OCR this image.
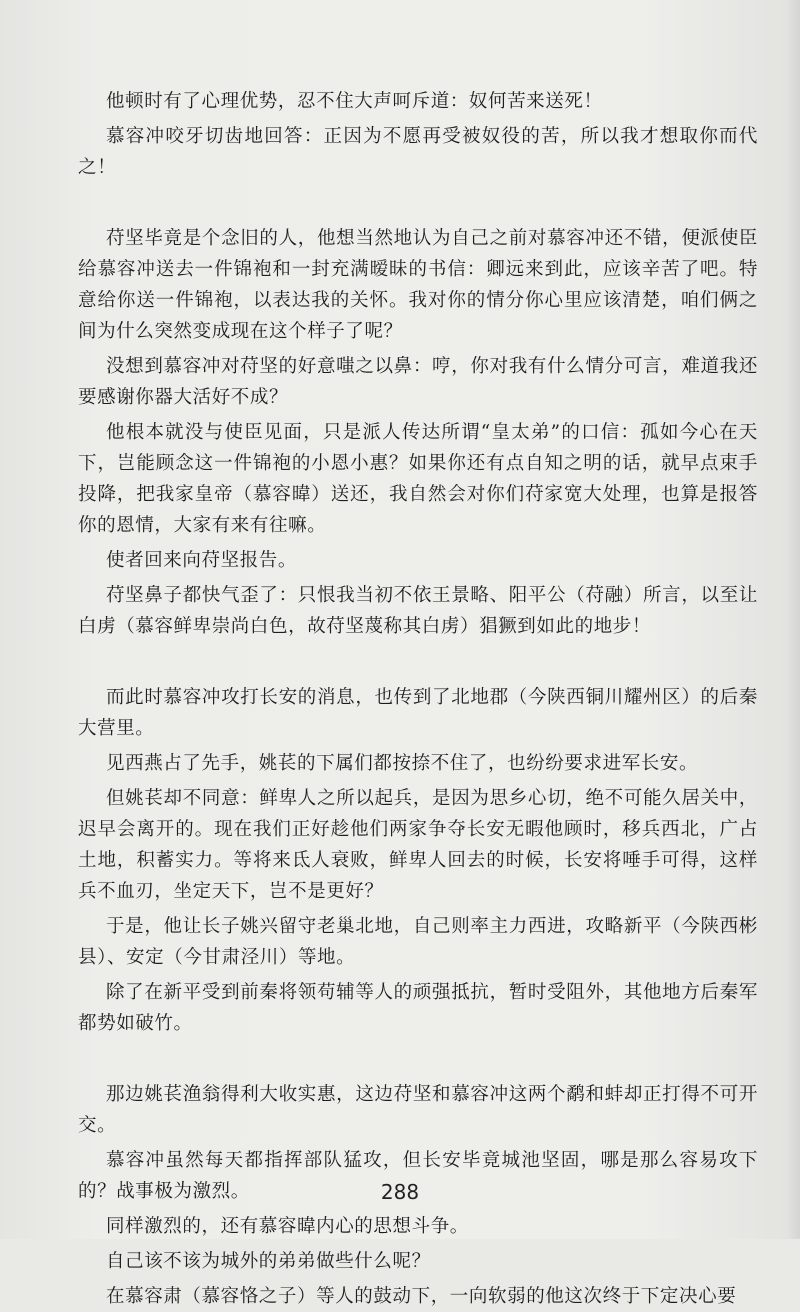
他顿时有了心理优势，忍不住大声呵斥道：奴何苦来送死！

慕容冲咬牙切齿地回答：正因为不愿再受被奴役的苦，所以我才想取你而代之！

苻坚毕竟是个念旧的人，他想当然地认为自己之前对慕容冲还不错，便派使臣给慕容冲送去一件锦袍和一封充满暧昧的书信：卿远来到此，应该辛苦了吧。特意给你送一件锦袍，以表达我的关怀。我对你的情分你心里应该清楚，咱们俩之间为什么突然变成现在这个样子了呢？

没想到慕容冲对苻坚的好意嗤之以鼻：哼，你对我有什么情分可言，难道我还要感谢你器大活好不成？

他根本就没与使臣见面，只是派人传达所谓“皇太弟”的口信：孤如今心在天下，岂能顾念这一件锦袍的小恩小惠？如果你还有点自知之明的话，就早点束手投降，把我家皇帝（慕容暐）送还，我自然会对你们苻家宽大处理，也算是报答你的恩情，大家有来有往嘛。

使者回来向苻坚报告。

苻坚鼻子都快气歪了：只恨我当初不依王景略、阳平公（苻融）所言，以至让白虏（慕容鲜卑崇尚白色，故苻坚蔑称其白虏）猖獗到如此的地步！

而此时慕容冲攻打长安的消息，也传到了北地郡（今陕西铜川耀州区）的后秦大营里。

见西燕占了先手，姚苌的下属们都按捺不住了，也纷纷要求进军长安。

但姚苌却不同意：鲜卑人之所以起兵，是因为思乡心切，绝不可能久居关中，迟早会离开的。现在我们正好趁他们两家争夺长安无暇他顾时，移兵西北，广占土地，积蓄实力。等将来氐人衰败，鲜卑人回去的时候，长安将唾手可得，这样兵不血刃，坐定天下，岂不是更好？

于是，他让长子姚兴留守老巢北地，自己则率主力西进，攻略新平（今陕西彬县）、安定（今甘肃泾川）等地。

除了在新平受到前秦将领苟辅等人的顽强抵抗，暂时受阻外，其他地方后秦军都势如破竹。

那边姚苌渔翁得利大收实惠，这边苻坚和慕容冲这两个鹬和蚌却正打得不可开交。

慕容冲虽然每天都指挥部队猛攻，但长安毕竟城池坚固，哪是那么容易攻下的？战事极为激烈。

同样激烈的，还有慕容暐内心的思想斗争。

自己该不该为城外的弟弟做些什么呢？

在慕容肃（慕容恪之子）等人的鼓动下，一向软弱的他这次终于下定决心要

288
